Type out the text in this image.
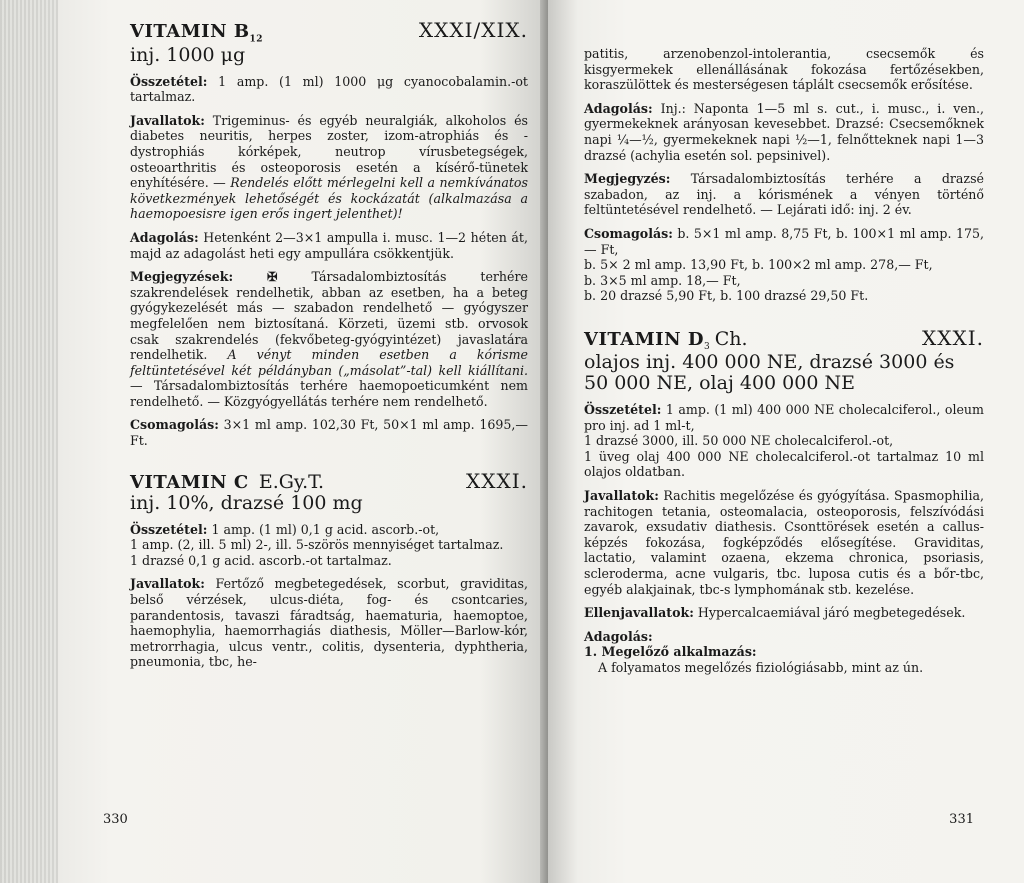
VITAMIN $B_{12}$	XXXI/XIX.
inj. 1000 μg

Összetétel: 1 amp. (1 ml) 1000 μg cyanocobalamin.-ot tartalmaz.

Javallatok: Trigeminus- és egyéb neuralgiák, alkoholos és diabetes neuritis, herpes zoster, izom-atrophiás és -dystrophiás kórképek, neutrop vírusbetegségek, osteoarthritis és osteoporosis esetén a kísérő-tünetek enyhítésére. — Rendelés előtt mérlegelni kell a nemkívánatos következmények lehetőségét és kockázatát (alkalmazása a haemopoesisre igen erős ingert jelenthet)!

Adagolás: Hetenként 2—3×1 ampulla i. musc. 1—2 héten át, majd az adagolást heti egy ampullára csökkentjük.

Megjegyzések:	✠	Társadalombiztosítás terhére szakrendelések rendelhetik, abban az esetben, ha a beteg gyógykezelését más — szabadon rendelhető — gyógyszer megfelelően nem biztosítaná. Körzeti, üzemi stb. orvosok csak szakrendelés (fekvőbeteg-gyógyintézet) javaslatára rendelhetik. A vényt minden esetben a kórisme feltüntetésével két példányban („másolat”-tal) kell kiállítani. — Társadalombiztosítás terhére haemopoeticumként nem rendelhető. — Közgyógyellátás terhére nem rendelhető.

Csomagolás: 3×1 ml amp. 102,30 Ft, 50×1 ml amp. 1695,— Ft.

VITAMIN C E.Gy.T.	XXXI.
inj. 10%, drazsé 100 mg

Összetétel: 1 amp. (1 ml) 0,1 g acid. ascorb.-ot,
1 amp. (2, ill. 5 ml) 2-, ill. 5-szörös mennyiséget tartalmaz.
1 drazsé 0,1 g acid. ascorb.-ot tartalmaz.

Javallatok: Fertőző megbetegedések, scorbut, graviditas, belső vérzések, ulcus-diéta, fog- és csontcaries, parandentosis, tavaszi fáradtság, haematuria, haemoptoe, haemophylia, haemorrhagiás diathesis, Möller—Barlow-kór, metrorrhagia, ulcus ventr., colitis, dysenteria, dyphtheria, pneumonia, tbc, he-

330

patitis, arzenobenzol-intolerantia, csecsemők és kisgyermekek ellenállásának fokozása fertőzésekben, koraszülöttek és mesterségesen táplált csecsemők erősítése.

Adagolás: Inj.: Naponta 1—5 ml s. cut., i. musc., i. ven., gyermekeknek arányosan kevesebbet. Drazsé: Csecsemőknek napi ¼—½, gyermekeknek napi ½—1, felnőtteknek napi 1—3 drazsé (achylia esetén sol. pepsinivel).

Megjegyzés: Társadalombiztosítás terhére a drazsé szabadon, az inj. a kórismének a vényen történő feltüntetésével rendelhető. — Lejárati idő: inj. 2 év.

Csomagolás: b. 5×1 ml amp. 8,75 Ft, b. 100×1 ml amp. 175,— Ft,
b. 5× 2 ml amp. 13,90 Ft, b. 100×2 ml amp. 278,— Ft,
b. 3×5 ml amp. 18,— Ft,
b. 20 drazsé 5,90 Ft, b. 100 drazsé 29,50 Ft.

VITAMIN $D_3$ Ch.	XXXI.
olajos inj. 400 000 NE, drazsé 3000 és
50 000 NE, olaj 400 000 NE

Összetétel: 1 amp. (1 ml) 400 000 NE cholecalciferol., oleum pro inj. ad 1 ml-t,
1 drazsé 3000, ill. 50 000 NE cholecalciferol.-ot,
1 üveg olaj 400 000 NE cholecalciferol.-ot tartalmaz 10 ml olajos oldatban.

Javallatok: Rachitis megelőzése és gyógyítása. Spasmophilia, rachitogen tetania, osteomalacia, osteoporosis, felszívódási zavarok, exsudativ diathesis. Csonttörések esetén a callus-képzés fokozása, fogképződés elősegítése. Graviditas, lactatio, valamint ozaena, ekzema chronica, psoriasis, scleroderma, acne vulgaris, tbc. luposa cutis és a bőr-tbc, egyéb alakjainak, tbc-s lymphomának stb. kezelése.

Ellenjavallatok: Hypercalcaemiával járó megbetegedések.

Adagolás:
1. Megelőző alkalmazás:
A folyamatos megelőzés fiziológiásabb, mint az ún.

331
